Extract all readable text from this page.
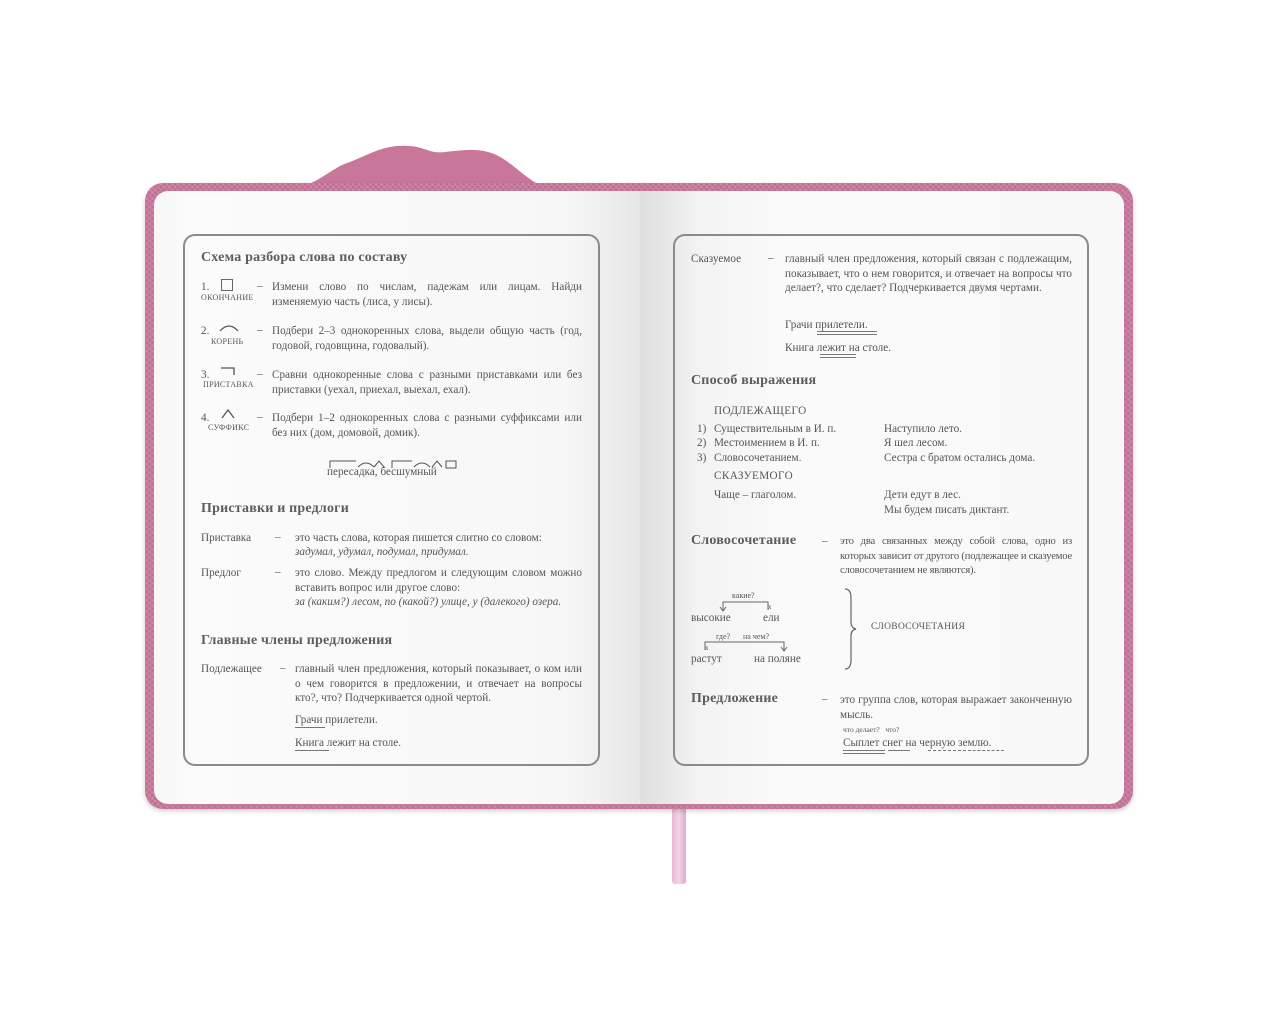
Схема разбора слова по составу
1.
ОКОНЧАНИЕ
– Измени слово по числам, падежам или лицам. Найди изменяемую часть (лиса, у лисы).
2.
КОРЕНЬ
– Подбери 2–3 однокоренных слова, выдели общую часть (год, годовой, годовщина, годовалый).
3.
ПРИСТАВКА
– Сравни однокоренные слова с разными приставками или без приставки (уехал, приехал, выехал, ехал).
4.
СУФФИКС
– Подбери 1–2 однокоренных слова с разными суффиксами или без них (дом, домовой, домик).
пересадка, бесшумный
Приставки и предлоги
Приставка – это часть слова, которая пишется слитно со словом:
задумал, удумал, подумал, придумал.
Предлог	– это слово. Между предлогом и следующим словом можно вставить вопрос или другое слово:
за (каким?) лесом, по (какой?) улице, у (далекого) озера.
Главные члены предложения
Подлежащее – главный член предложения, который показывает, о ком или о чем говорится в предложении, и отвечает на вопросы кто?, что? Подчеркивается одной чертой.
Грачи прилетели.
Книга лежит на столе.
Сказуемое – главный член предложения, который связан с подлежащим, показывает, что о нем говорится, и отвечает на вопросы что делает?, что сделает? Подчеркивается двумя чертами.
Грачи прилетели.
Книга лежит на столе.
Способ выражения
ПОДЛЕЖАЩЕГО
1) Существительным в И. п.	Наступило лето.
2) Местоимением в И. п.	Я шел лесом.
3) Словосочетанием.	Сестра с братом остались дома.
СКАЗУЕМОГО
Чаще – глаголом.	Дети едут в лес.
Мы будем писать диктант.
Словосочетание – это два связанных между собой слова, одно из которых зависит от другого (подлежащее и сказуемое словосочетанием не являются).
какие?
х
высокие	ели
где? на чем?
х
растут	на поляне
СЛОВОСОЧЕТАНИЯ
Предложение	– это группа слов, которая выражает законченную мысль.
что делает?   что?
Сыплет снег на черную землю.
